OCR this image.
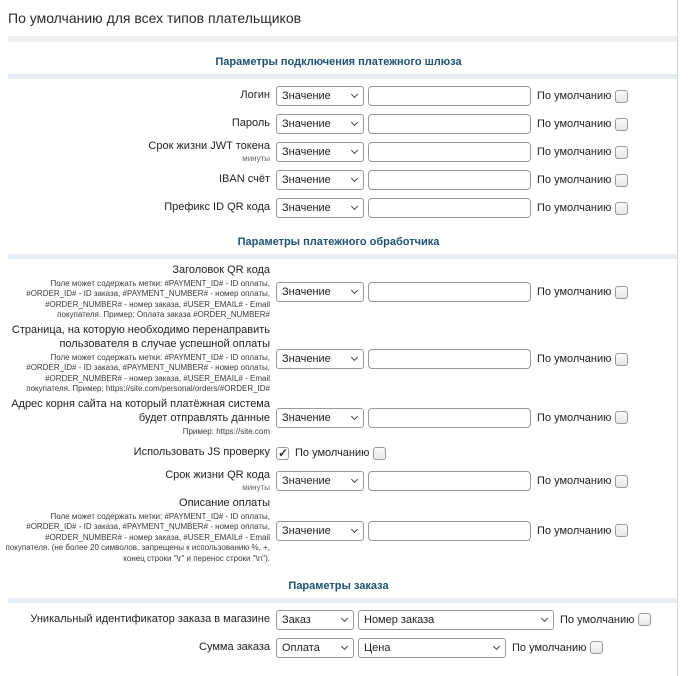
По умолчанию для всех типов плательщиков
Параметры подключения платежного шлюза
Логин Значение	По умолчанию
Пароль Значение	По умолчанию
Срок жизни JWT токена
минуты
Значение	По умолчанию
IBAN счёт Значение	По умолчанию
Префикс ID QR кода Значение	По умолчанию
Параметры платежного обработчика
Заголовок QR кода
Поле может содержать метки: #PAYMENT_ID# - ID оплаты, #ORDER_ID# - ID заказа, #PAYMENT_NUMBER# - номер оплаты, #ORDER_NUMBER# - номер заказа, #USER_EMAIL# - Email покупателя. Пример: Оплата заказа #ORDER_NUMBER#
Значение	По умолчанию
Страница, на которую необходимо перенаправить пользователя в случае успешной оплаты
Поле может содержать метки: #PAYMENT_ID# - ID оплаты, #ORDER_ID# - ID заказа, #PAYMENT_NUMBER# - номер оплаты, #ORDER_NUMBER# - номер заказа, #USER_EMAIL# - Email покупателя. Пример: https://site.com/personal/orders/#ORDER_ID#
Значение	По умолчанию
Адрес корня сайта на который платёжная система будет отправлять данные
Пример: https://site.com
Значение	По умолчанию
Использовать JS проверку ✓ По умолчанию
Срок жизни QR кода
минуты
Значение	По умолчанию
Описание оплаты
Поле может содержать метки: #PAYMENT_ID# - ID оплаты, #ORDER_ID# - ID заказа, #PAYMENT_NUMBER# - номер оплаты, #ORDER_NUMBER# - номер заказа, #USER_EMAIL# - Email покупателя. (не более 20 символов, запрещены к использованию %, +, конец строки "\r" и перенос строки "\n").
Значение	По умолчанию
Параметры заказа
Уникальный идентификатор заказа в магазине Заказ	Номер заказа	По умолчанию
Сумма заказа Оплата	Цена	По умолчанию
